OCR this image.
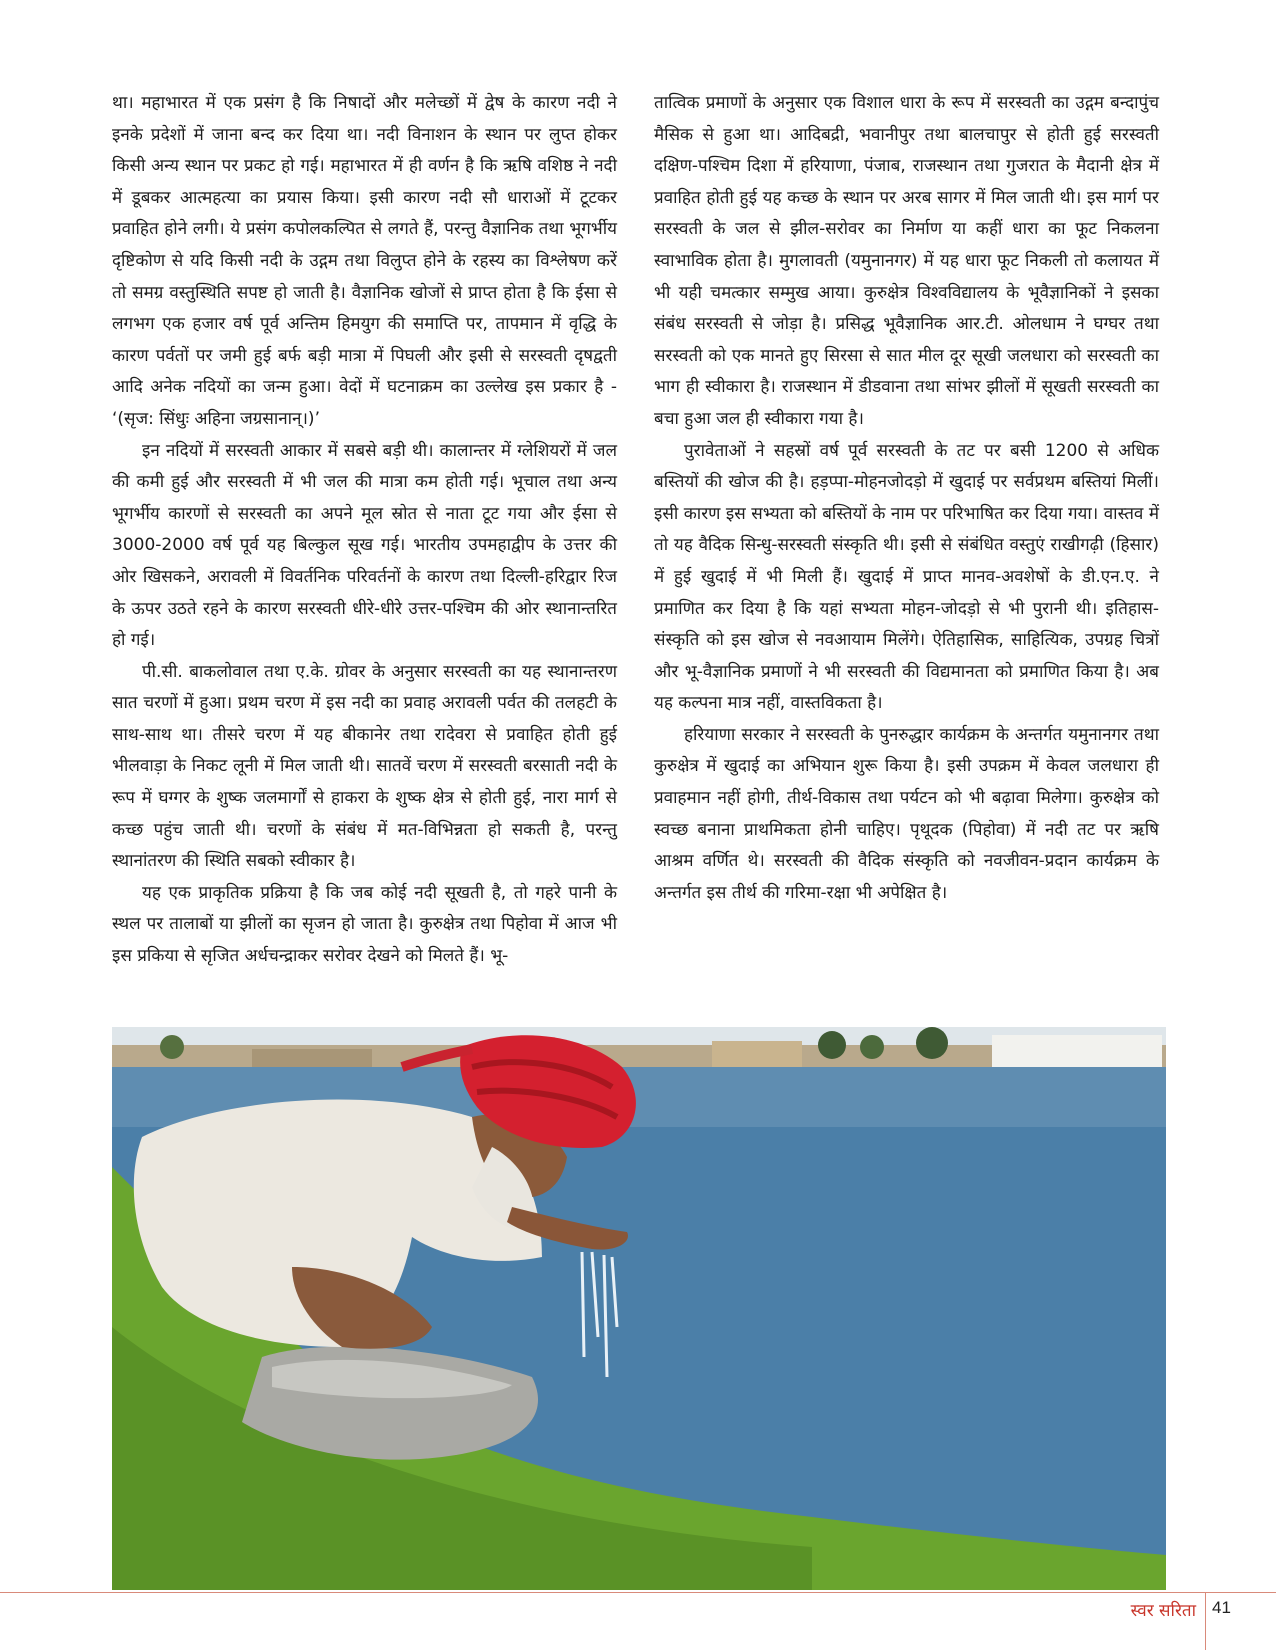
था। महाभारत में एक प्रसंग है कि निषादों और मलेच्छों में द्वेष के कारण नदी ने इनके प्रदेशों में जाना बन्द कर दिया था। नदी विनाशन के स्थान पर लुप्त होकर किसी अन्य स्थान पर प्रकट हो गई। महाभारत में ही वर्णन है कि ऋषि वशिष्ठ ने नदी में डूबकर आत्महत्या का प्रयास किया। इसी कारण नदी सौ धाराओं में टूटकर प्रवाहित होने लगी। ये प्रसंग कपोलकल्पित से लगते हैं, परन्तु वैज्ञानिक तथा भूगर्भीय दृष्टिकोण से यदि किसी नदी के उद्गम तथा विलुप्त होने के रहस्य का विश्लेषण करें तो समग्र वस्तुस्थिति सपष्ट हो जाती है। वैज्ञानिक खोजों से प्राप्त होता है कि ईसा से लगभग एक हजार वर्ष पूर्व अन्तिम हिमयुग की समाप्ति पर, तापमान में वृद्धि के कारण पर्वतों पर जमी हुई बर्फ बड़ी मात्रा में पिघली और इसी से सरस्वती दृषद्वती आदि अनेक नदियों का जन्म हुआ। वेदों में घटनाक्रम का उल्लेख इस प्रकार है - ‘(सृज: सिंधुः अहिना जग्रसानान्।)’

इन नदियों में सरस्वती आकार में सबसे बड़ी थी। कालान्तर में ग्लेशियरों में जल की कमी हुई और सरस्वती में भी जल की मात्रा कम होती गई। भूचाल तथा अन्य भूगर्भीय कारणों से सरस्वती का अपने मूल स्रोत से नाता टूट गया और ईसा से 3000-2000 वर्ष पूर्व यह बिल्कुल सूख गई। भारतीय उपमहाद्वीप के उत्तर की ओर खिसकने, अरावली में विवर्तनिक परिवर्तनों के कारण तथा दिल्ली-हरिद्वार रिज के ऊपर उठते रहने के कारण सरस्वती धीरे-धीरे उत्तर-पश्चिम की ओर स्थानान्तरित हो गई।

पी.सी. बाकलोवाल तथा ए.के. ग्रोवर के अनुसार सरस्वती का यह स्थानान्तरण सात चरणों में हुआ। प्रथम चरण में इस नदी का प्रवाह अरावली पर्वत की तलहटी के साथ-साथ था। तीसरे चरण में यह बीकानेर तथा रादेवरा से प्रवाहित होती हुई भीलवाड़ा के निकट लूनी में मिल जाती थी। सातवें चरण में सरस्वती बरसाती नदी के रूप में घग्गर के शुष्क जलमार्गों से हाकरा के शुष्क क्षेत्र से होती हुई, नारा मार्ग से कच्छ पहुंच जाती थी। चरणों के संबंध में मत-विभिन्नता हो सकती है, परन्तु स्थानांतरण की स्थिति सबको स्वीकार है।

यह एक प्राकृतिक प्रक्रिया है कि जब कोई नदी सूखती है, तो गहरे पानी के स्थल पर तालाबों या झीलों का सृजन हो जाता है। कुरुक्षेत्र तथा पिहोवा में आज भी इस प्रकिया से सृजित अर्धचन्द्राकर सरोवर देखने को मिलते हैं। भू-

तात्विक प्रमाणों के अनुसार एक विशाल धारा के रूप में सरस्वती का उद्गम बन्दापुंच मैसिक से हुआ था। आदिबद्री, भवानीपुर तथा बालचापुर से होती हुई सरस्वती दक्षिण-पश्चिम दिशा में हरियाणा, पंजाब, राजस्थान तथा गुजरात के मैदानी क्षेत्र में प्रवाहित होती हुई यह कच्छ के स्थान पर अरब सागर में मिल जाती थी। इस मार्ग पर सरस्वती के जल से झील-सरोवर का निर्माण या कहीं धारा का फूट निकलना स्वाभाविक होता है। मुगलावती (यमुनानगर) में यह धारा फूट निकली तो कलायत में भी यही चमत्कार सम्मुख आया। कुरुक्षेत्र विश्वविद्यालय के भूवैज्ञानिकों ने इसका संबंध सरस्वती से जोड़ा है। प्रसिद्ध भूवैज्ञानिक आर.टी. ओलधाम ने घग्घर तथा सरस्वती को एक मानते हुए सिरसा से सात मील दूर सूखी जलधारा को सरस्वती का भाग ही स्वीकारा है। राजस्थान में डीडवाना तथा सांभर झीलों में सूखती सरस्वती का बचा हुआ जल ही स्वीकारा गया है।

पुरावेताओं ने सहस्रों वर्ष पूर्व सरस्वती के तट पर बसी 1200 से अधिक बस्तियों की खोज की है। हड़प्पा-मोहनजोदड़ो में खुदाई पर सर्वप्रथम बस्तियां मिलीं। इसी कारण इस सभ्यता को बस्तियों के नाम पर परिभाषित कर दिया गया। वास्तव में तो यह वैदिक सिन्धु-सरस्वती संस्कृति थी। इसी से संबंधित वस्तुएं राखीगढ़ी (हिसार) में हुई खुदाई में भी मिली हैं। खुदाई में प्राप्त मानव-अवशेषों के डी.एन.ए. ने प्रमाणित कर दिया है कि यहां सभ्यता मोहन-जोदड़ो से भी पुरानी थी। इतिहास-संस्कृति को इस खोज से नवआयाम मिलेंगे। ऐतिहासिक, साहित्यिक, उपग्रह चित्रों और भू-वैज्ञानिक प्रमाणों ने भी सरस्वती की विद्यमानता को प्रमाणित किया है। अब यह कल्पना मात्र नहीं, वास्तविकता है।

हरियाणा सरकार ने सरस्वती के पुनरुद्धार कार्यक्रम के अन्तर्गत यमुनानगर तथा कुरुक्षेत्र में खुदाई का अभियान शुरू किया है। इसी उपक्रम में केवल जलधारा ही प्रवाहमान नहीं होगी, तीर्थ-विकास तथा पर्यटन को भी बढ़ावा मिलेगा। कुरुक्षेत्र को स्वच्छ बनाना प्राथमिकता होनी चाहिए। पृथूदक (पिहोवा) में नदी तट पर ऋषि आश्रम वर्णित थे। सरस्वती की वैदिक संस्कृति को नवजीवन-प्रदान कार्यक्रम के अन्तर्गत इस तीर्थ की गरिमा-रक्षा भी अपेक्षित है।

स्वर सरिता 41
